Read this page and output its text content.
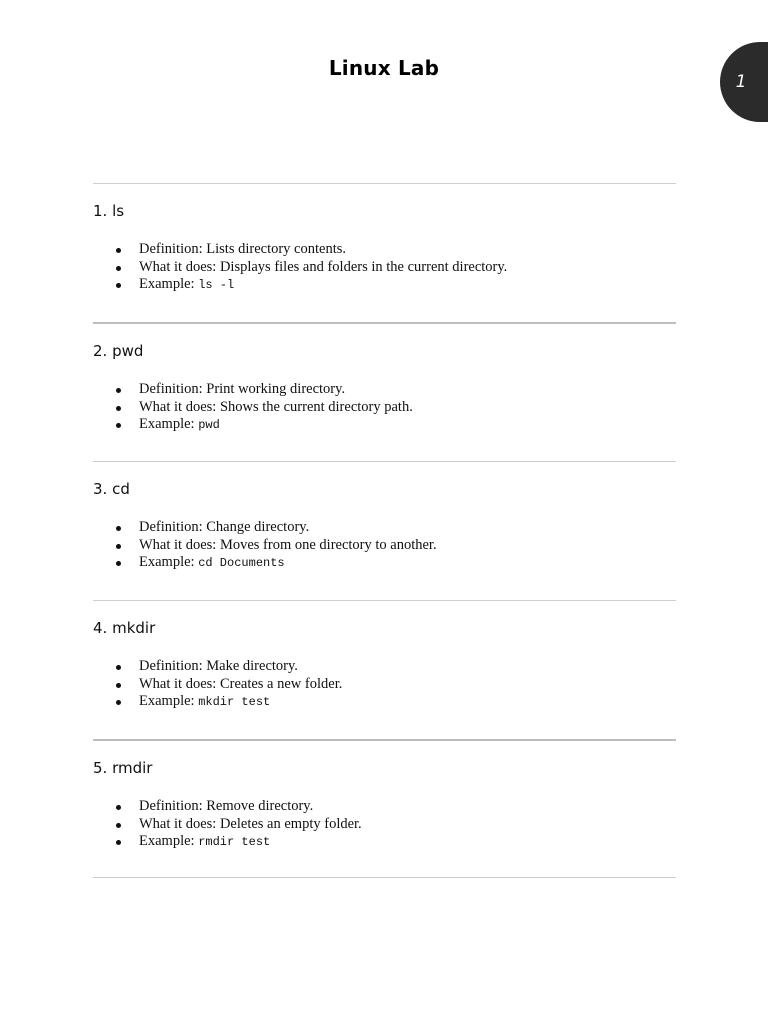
Linux Lab
1
1. ls
Definition: Lists directory contents.
What it does: Displays files and folders in the current directory.
Example: ls -l
2. pwd
Definition: Print working directory.
What it does: Shows the current directory path.
Example: pwd
3. cd
Definition: Change directory.
What it does: Moves from one directory to another.
Example: cd Documents
4. mkdir
Definition: Make directory.
What it does: Creates a new folder.
Example: mkdir test
5. rmdir
Definition: Remove directory.
What it does: Deletes an empty folder.
Example: rmdir test
